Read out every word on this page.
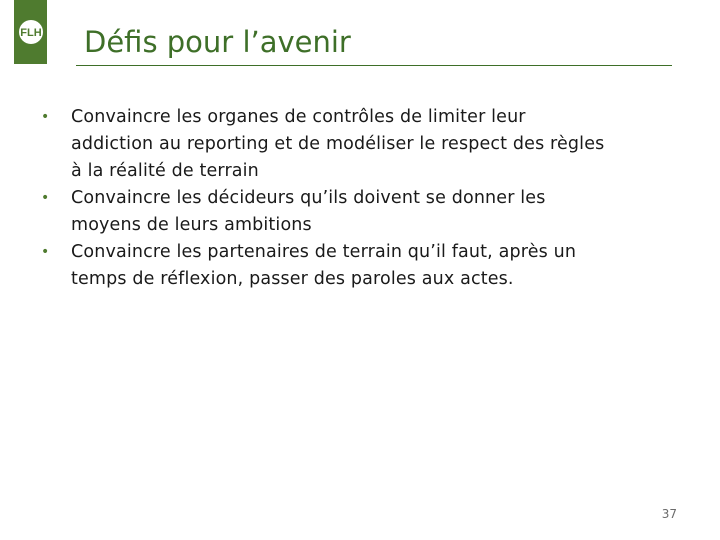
FLH Défis pour l’avenir
• Convaincre les organes de contrôles de limiter leur
addiction au reporting et de modéliser le respect des règles
à la réalité de terrain
• Convaincre les décideurs qu’ils doivent se donner les
moyens de leurs ambitions
• Convaincre les partenaires de terrain qu’il faut, après un
temps de réflexion, passer des paroles aux actes.
37
